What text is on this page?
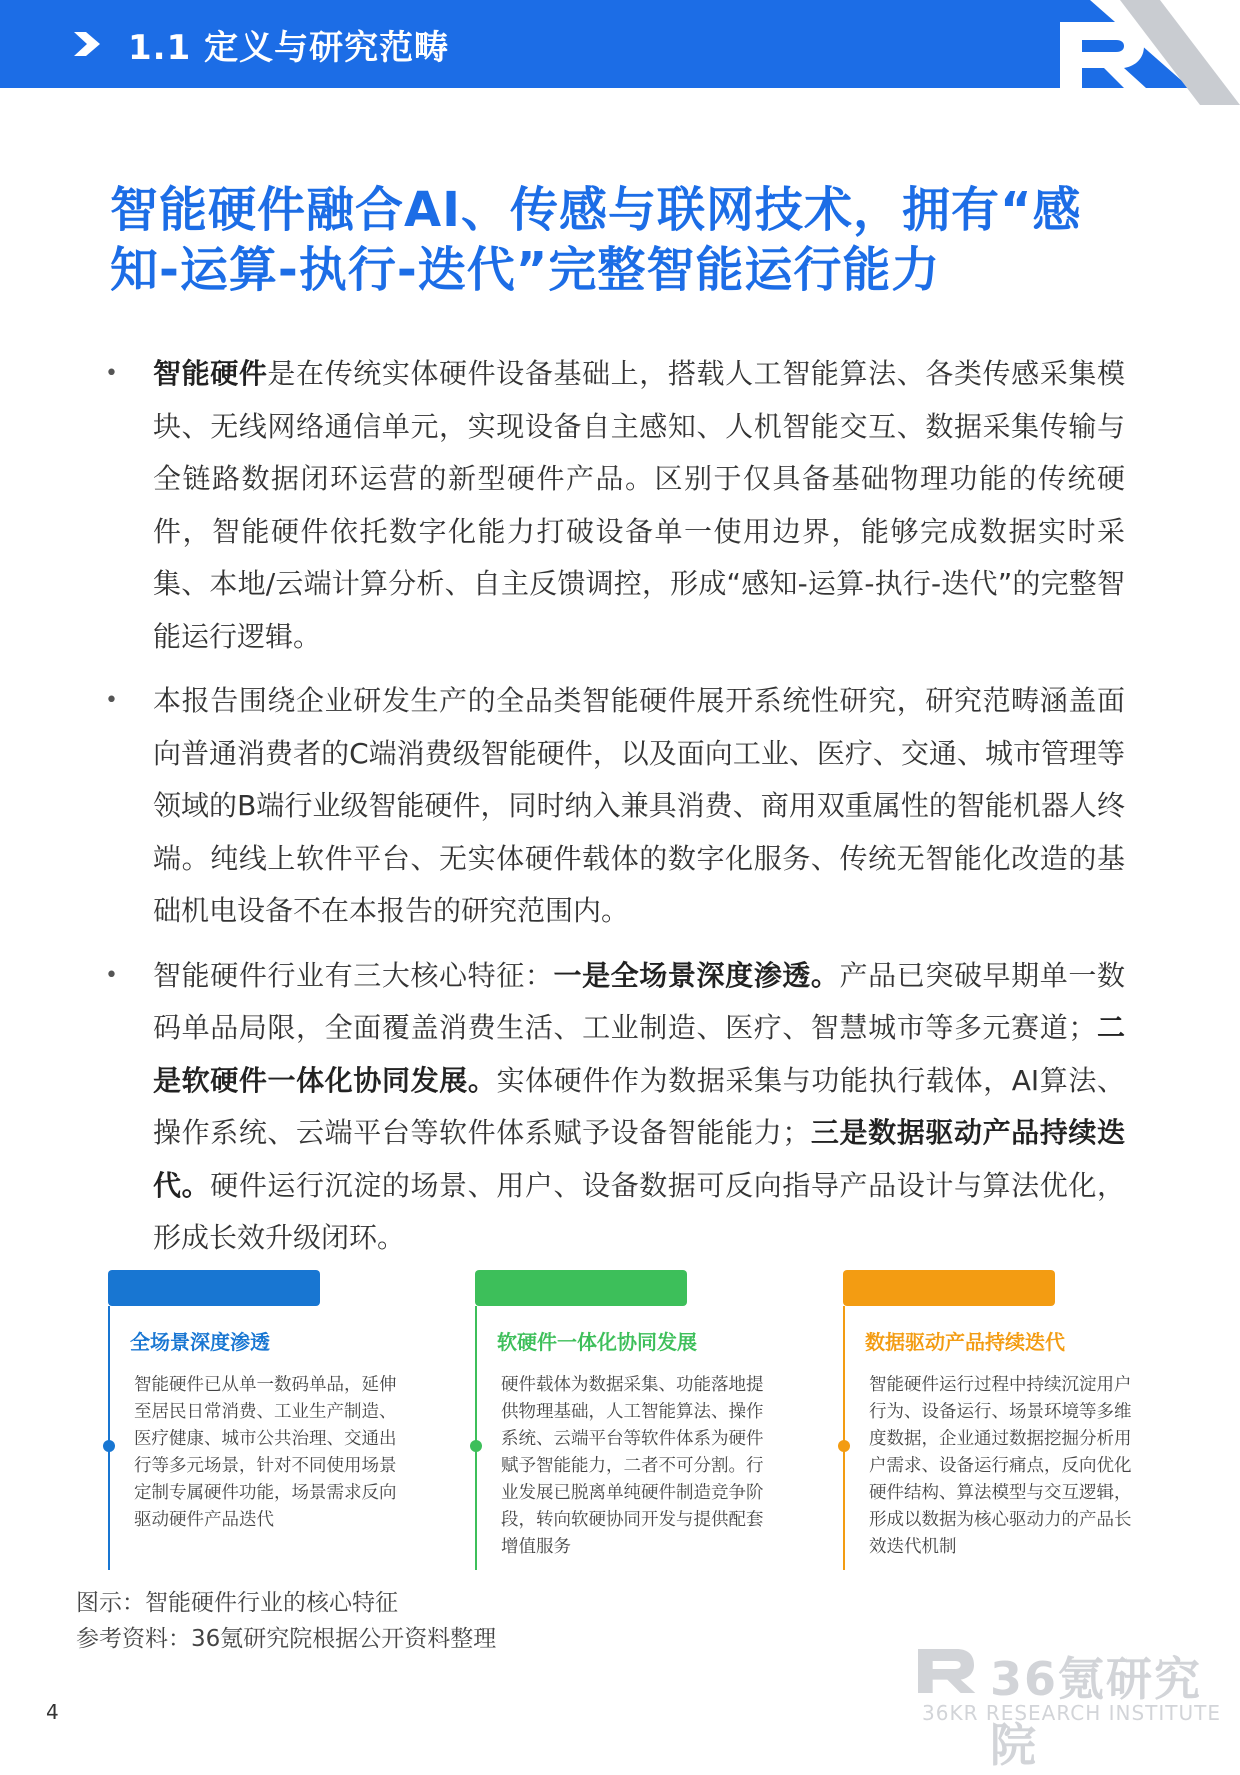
1.1 定义与研究范畴
智能硬件融合AI、传感与联网技术，拥有“感知-运算-执行-迭代”完整智能运行能力
• 智能硬件是在传统实体硬件设备基础上，搭载人工智能算法、各类传感采集模块、无线网络通信单元，实现设备自主感知、人机智能交互、数据采集传输与全链路数据闭环运营的新型硬件产品。区别于仅具备基础物理功能的传统硬件，智能硬件依托数字化能力打破设备单一使用边界，能够完成数据实时采集、本地/云端计算分析、自主反馈调控，形成“感知-运算-执行-迭代”的完整智能运行逻辑。
• 本报告围绕企业研发生产的全品类智能硬件展开系统性研究，研究范畴涵盖面向普通消费者的C端消费级智能硬件，以及面向工业、医疗、交通、城市管理等领域的B端行业级智能硬件，同时纳入兼具消费、商用双重属性的智能机器人终端。纯线上软件平台、无实体硬件载体的数字化服务、传统无智能化改造的基础机电设备不在本报告的研究范围内。
• 智能硬件行业有三大核心特征：一是全场景深度渗透。产品已突破早期单一数码单品局限，全面覆盖消费生活、工业制造、医疗、智慧城市等多元赛道；二是软硬件一体化协同发展。实体硬件作为数据采集与功能执行载体，AI算法、操作系统、云端平台等软件体系赋予设备智能能力；三是数据驱动产品持续迭代。硬件运行沉淀的场景、用户、设备数据可反向指导产品设计与算法优化，形成长效升级闭环。
全场景深度渗透
智能硬件已从单一数码单品，延伸至居民日常消费、工业生产制造、医疗健康、城市公共治理、交通出行等多元场景，针对不同使用场景定制专属硬件功能，场景需求反向驱动硬件产品迭代
软硬件一体化协同发展
硬件载体为数据采集、功能落地提供物理基础，人工智能算法、操作系统、云端平台等软件体系为硬件赋予智能能力，二者不可分割。行业发展已脱离单纯硬件制造竞争阶段，转向软硬协同开发与提供配套增值服务
数据驱动产品持续迭代
智能硬件运行过程中持续沉淀用户行为、设备运行、场景环境等多维度数据，企业通过数据挖掘分析用户需求、设备运行痛点，反向优化硬件结构、算法模型与交互逻辑，形成以数据为核心驱动力的产品长效迭代机制
图示：智能硬件行业的核心特征
参考资料：36氪研究院根据公开资料整理
4
36氪研究院
36KR RESEARCH INSTITUTE
